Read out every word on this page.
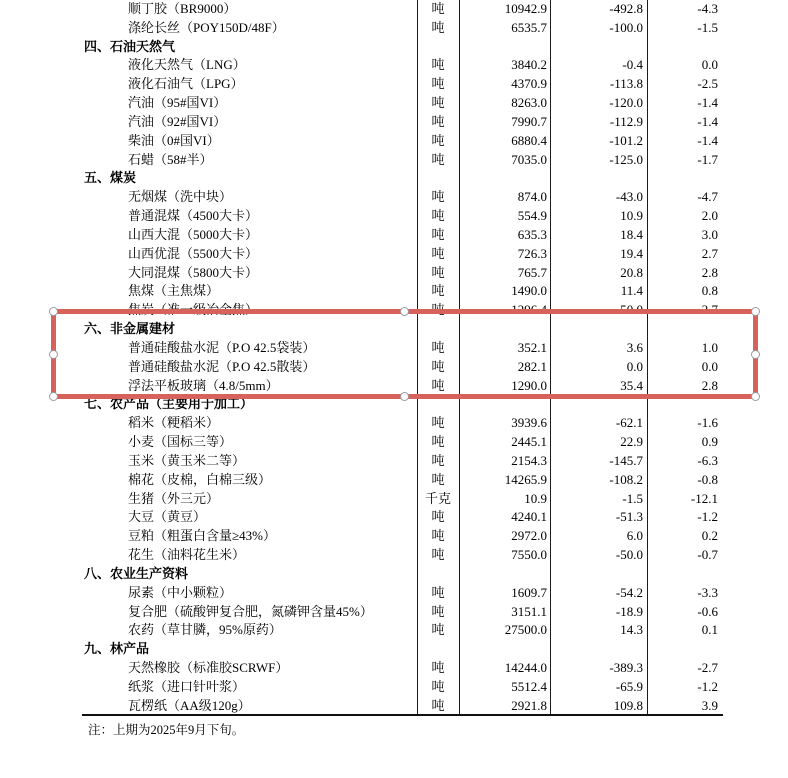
顺丁胶（BR9000）	吨	10942.9	-492.8	-4.3
涤纶长丝（POY150D/48F）	吨	6535.7	-100.0	-1.5
四、石油天然气
液化天然气（LNG）	吨	3840.2	-0.4	0.0
液化石油气（LPG）	吨	4370.9	-113.8	-2.5
汽油（95#国VI）	吨	8263.0	-120.0	-1.4
汽油（92#国VI）	吨	7990.7	-112.9	-1.4
柴油（0#国VI）	吨	6880.4	-101.2	-1.4
石蜡（58#半）	吨	7035.0	-125.0	-1.7
五、煤炭
无烟煤（洗中块）	吨	874.0	-43.0	-4.7
普通混煤（4500大卡）	吨	554.9	10.9	2.0
山西大混（5000大卡）	吨	635.3	18.4	3.0
山西优混（5500大卡）	吨	726.3	19.4	2.7
大同混煤（5800大卡）	吨	765.7	20.8	2.8
焦煤（主焦煤）	吨	1490.0	11.4	0.8
焦炭（准一级冶金焦）	吨	1296.4	50.0	2.7
六、非金属建材
普通硅酸盐水泥（P.O 42.5袋装）	吨	352.1	3.6	1.0
普通硅酸盐水泥（P.O 42.5散装）	吨	282.1	0.0	0.0
浮法平板玻璃（4.8/5mm）	吨	1290.0	35.4	2.8
七、农产品（主要用于加工）
稻米（粳稻米）	吨	3939.6	-62.1	-1.6
小麦（国标三等）	吨	2445.1	22.9	0.9
玉米（黄玉米二等）	吨	2154.3	-145.7	-6.3
棉花（皮棉，白棉三级）	吨	14265.9	-108.2	-0.8
生猪（外三元）	千克	10.9	-1.5	-12.1
大豆（黄豆）	吨	4240.1	-51.3	-1.2
豆粕（粗蛋白含量≥43%）	吨	2972.0	6.0	0.2
花生（油料花生米）	吨	7550.0	-50.0	-0.7
八、农业生产资料
尿素（中小颗粒）	吨	1609.7	-54.2	-3.3
复合肥（硫酸钾复合肥，氮磷钾含量45%）	吨	3151.1	-18.9	-0.6
农药（草甘膦，95%原药）	吨	27500.0	14.3	0.1
九、林产品
天然橡胶（标准胶SCRWF）	吨	14244.0	-389.3	-2.7
纸浆（进口针叶浆）	吨	5512.4	-65.9	-1.2
瓦楞纸（AA级120g）	吨	2921.8	109.8	3.9
注：上期为2025年9月下旬。
